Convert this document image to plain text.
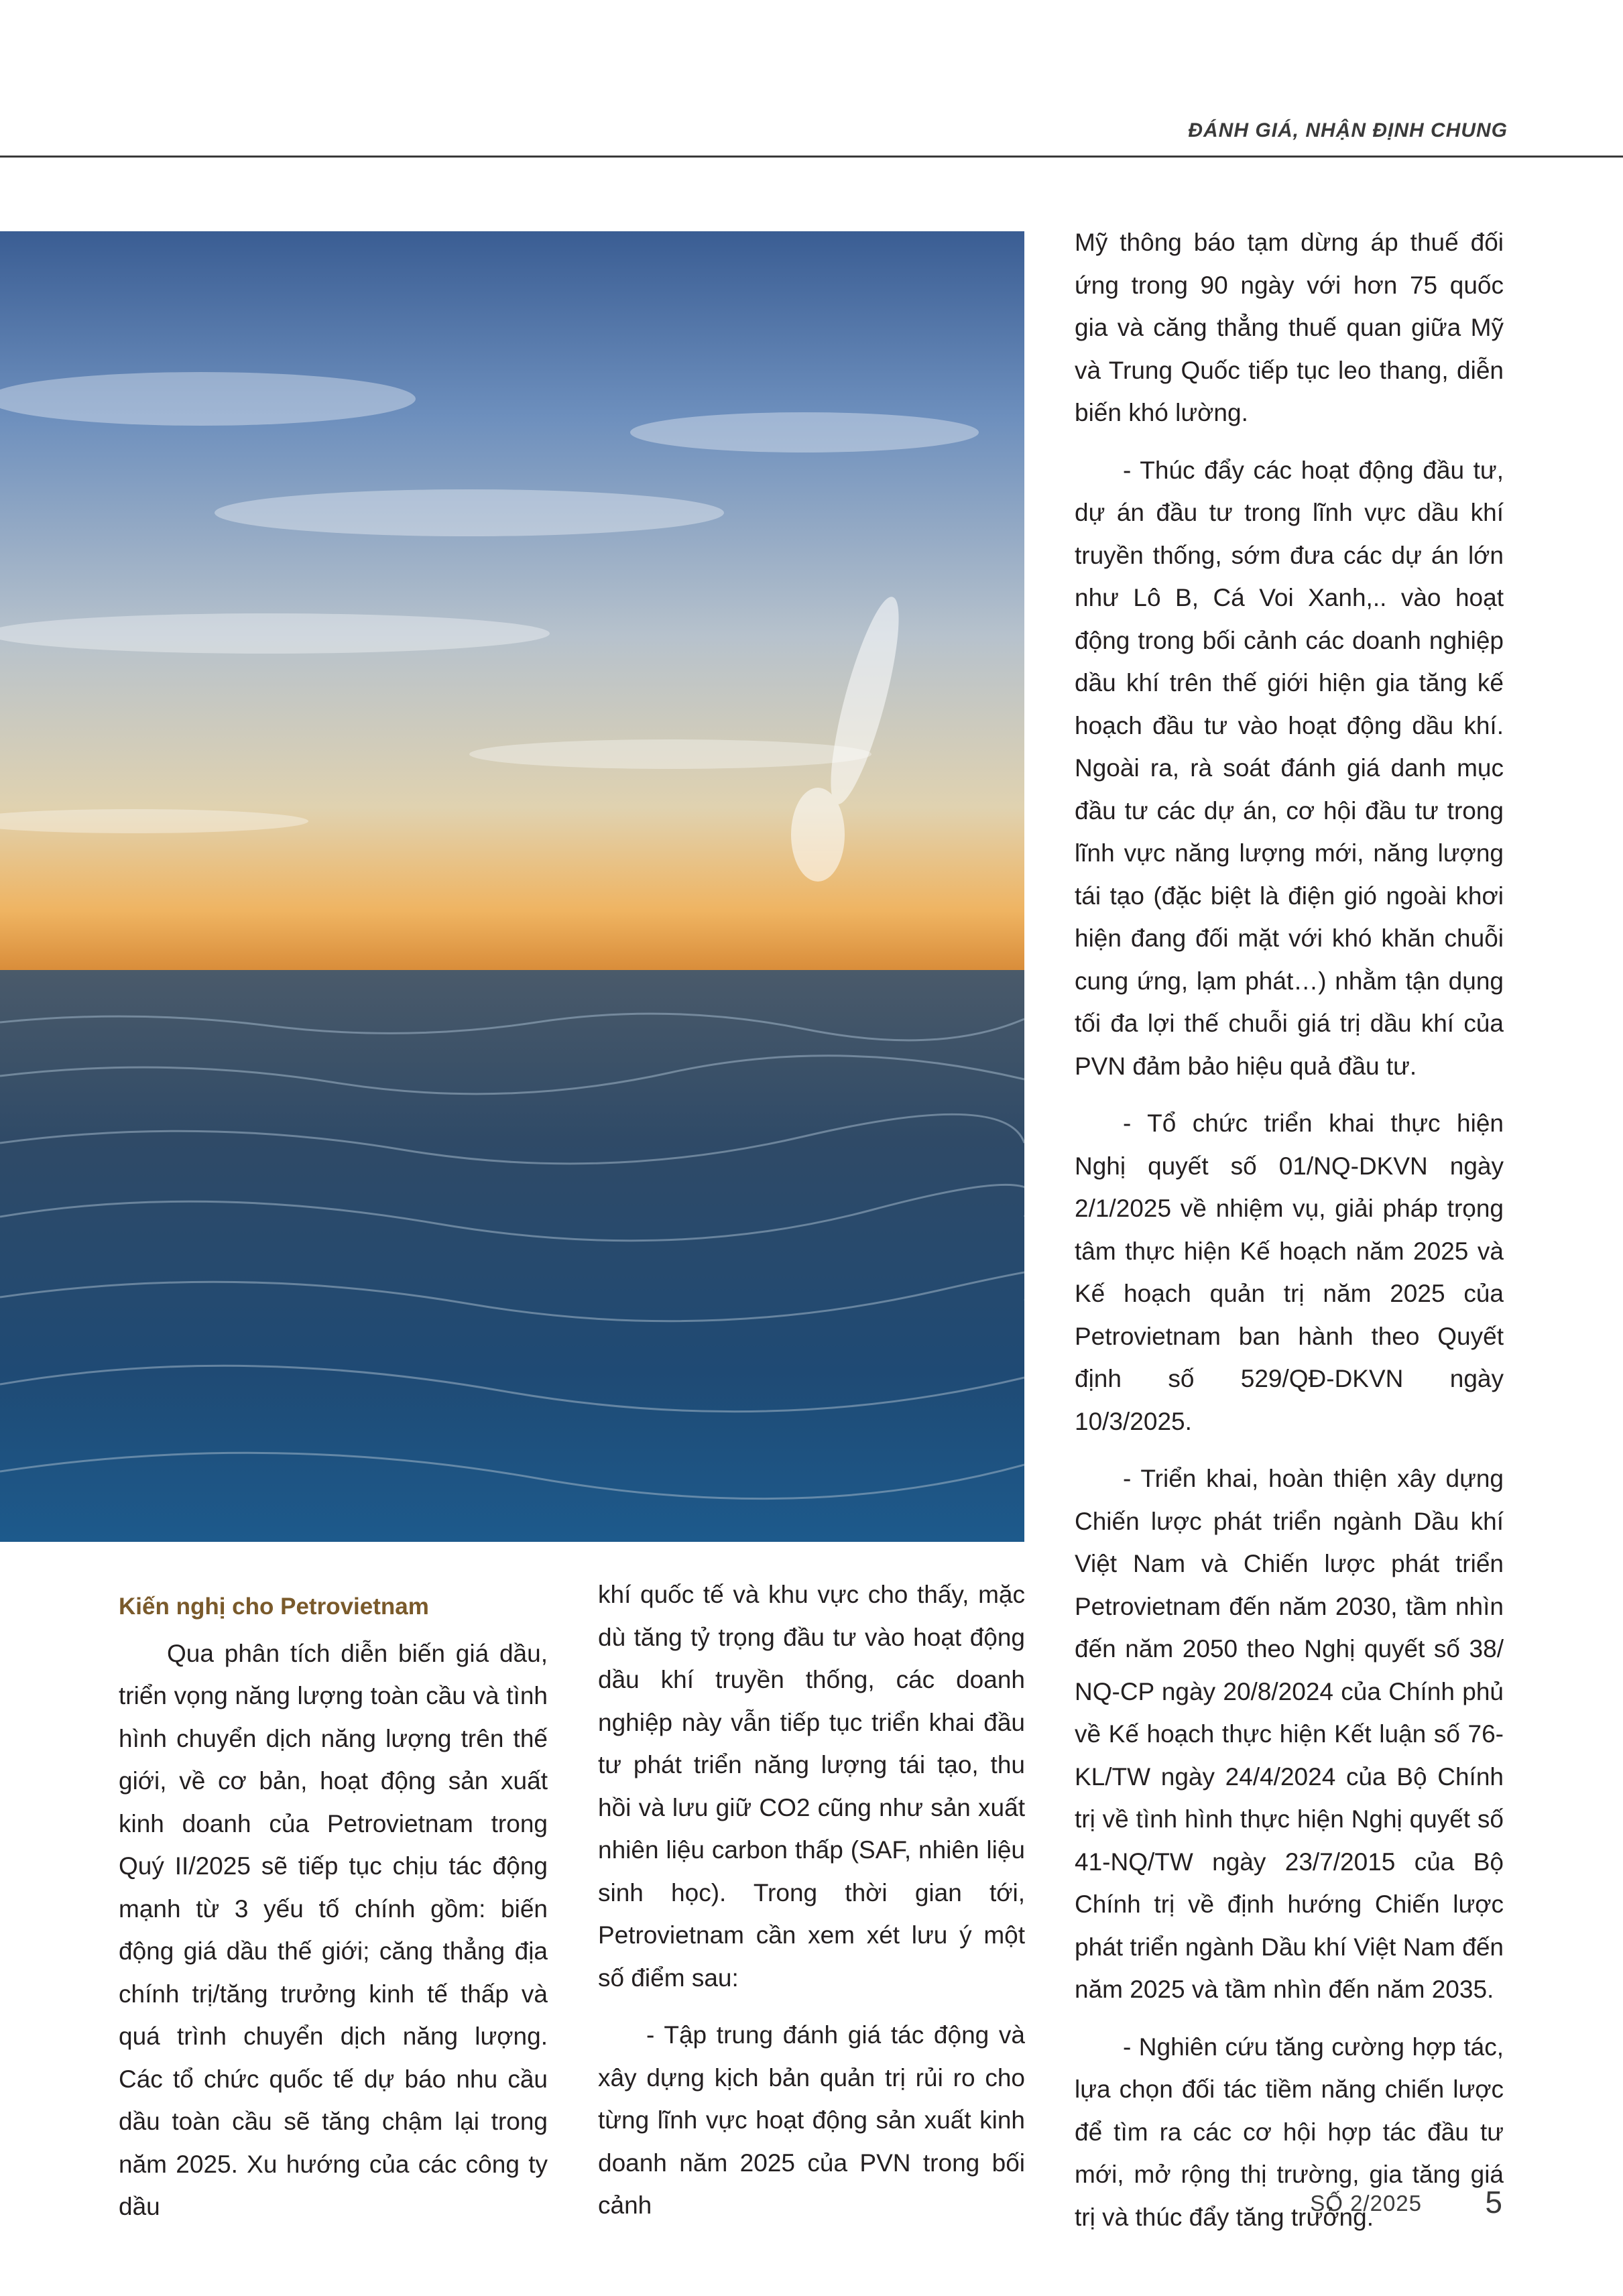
ĐÁNH GIÁ, NHẬN ĐỊNH CHUNG
Kiến nghị cho Petrovietnam

Qua phân tích diễn biến giá dầu, triển vọng năng lượng toàn cầu và tình hình chuyển dịch năng lượng trên thế giới, về cơ bản, hoạt động sản xuất kinh doanh của Petrovietnam trong Quý II/2025 sẽ tiếp tục chịu tác động mạnh từ 3 yếu tố chính gồm: biến động giá dầu thế giới; căng thẳng địa chính trị/tăng trưởng kinh tế thấp và quá trình chuyển dịch năng lượng. Các tổ chức quốc tế dự báo nhu cầu dầu toàn cầu sẽ tăng chậm lại trong năm 2025. Xu hướng của các công ty dầu

khí quốc tế và khu vực cho thấy, mặc dù tăng tỷ trọng đầu tư vào hoạt động dầu khí truyền thống, các doanh nghiệp này vẫn tiếp tục triển khai đầu tư phát triển năng lượng tái tạo, thu hồi và lưu giữ CO2 cũng như sản xuất nhiên liệu carbon thấp (SAF, nhiên liệu sinh học). Trong thời gian tới, Petrovietnam cần xem xét lưu ý một số điểm sau:

- Tập trung đánh giá tác động và xây dựng kịch bản quản trị rủi ro cho từng lĩnh vực hoạt động sản xuất kinh doanh năm 2025 của PVN trong bối cảnh

Mỹ thông báo tạm dừng áp thuế đối ứng trong 90 ngày với hơn 75 quốc gia và căng thẳng thuế quan giữa Mỹ và Trung Quốc tiếp tục leo thang, diễn biến khó lường.

- Thúc đẩy các hoạt động đầu tư, dự án đầu tư trong lĩnh vực dầu khí truyền thống, sớm đưa các dự án lớn như Lô B, Cá Voi Xanh,.. vào hoạt động trong bối cảnh các doanh nghiệp dầu khí trên thế giới hiện gia tăng kế hoạch đầu tư vào hoạt động dầu khí. Ngoài ra, rà soát đánh giá danh mục đầu tư các dự án, cơ hội đầu tư trong lĩnh vực năng lượng mới, năng lượng tái tạo (đặc biệt là điện gió ngoài khơi hiện đang đối mặt với khó khăn chuỗi cung ứng, lạm phát…) nhằm tận dụng tối đa lợi thế chuỗi giá trị dầu khí của PVN đảm bảo hiệu quả đầu tư.

- Tổ chức triển khai thực hiện Nghị quyết số 01/NQ-DKVN ngày 2/1/2025 về nhiệm vụ, giải pháp trọng tâm thực hiện Kế hoạch năm 2025 và Kế hoạch quản trị năm 2025 của Petrovietnam ban hành theo Quyết định số 529/QĐ-DKVN ngày 10/3/2025.

- Triển khai, hoàn thiện xây dựng Chiến lược phát triển ngành Dầu khí Việt Nam và Chiến lược phát triển Petrovietnam đến năm 2030, tầm nhìn đến năm 2050 theo Nghị quyết số 38/ NQ-CP ngày 20/8/2024 của Chính phủ về Kế hoạch thực hiện Kết luận số 76-KL/TW ngày 24/4/2024 của Bộ Chính trị về tình hình thực hiện Nghị quyết số 41-NQ/TW ngày 23/7/2015 của Bộ Chính trị về định hướng Chiến lược phát triển ngành Dầu khí Việt Nam đến năm 2025 và tầm nhìn đến năm 2035.

- Nghiên cứu tăng cường hợp tác, lựa chọn đối tác tiềm năng chiến lược để tìm ra các cơ hội hợp tác đầu tư mới, mở rộng thị trường, gia tăng giá trị và thúc đẩy tăng trưởng.

SỐ 2/2025 5
